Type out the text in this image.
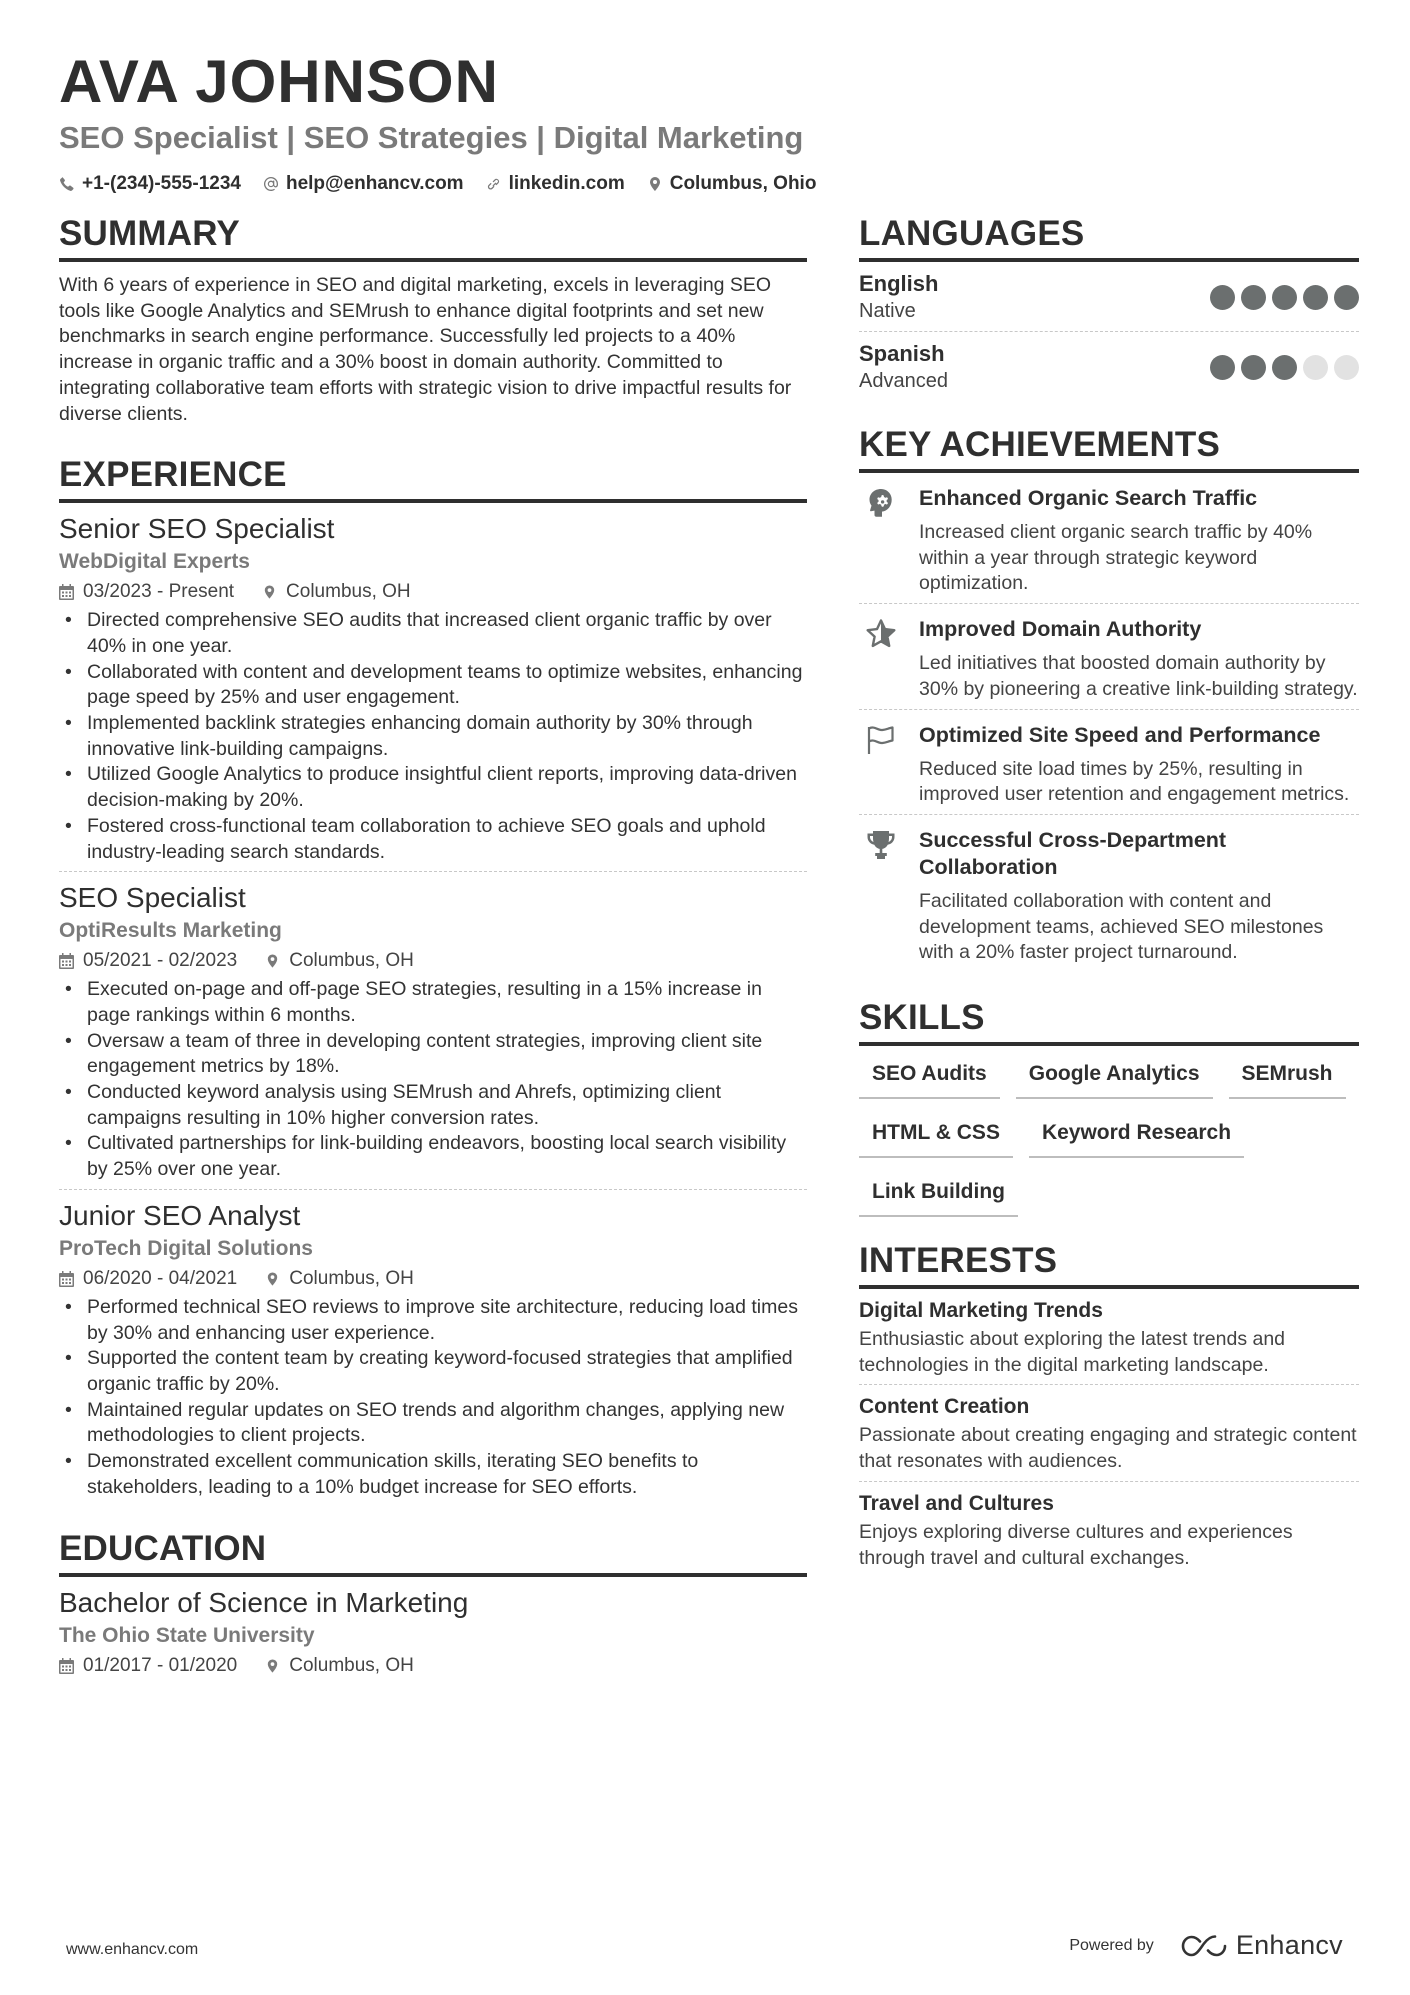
AVA JOHNSON
SEO Specialist | SEO Strategies | Digital Marketing
+1-(234)-555-1234 help@enhancv.com linkedin.com Columbus, Ohio
SUMMARY

With 6 years of experience in SEO and digital marketing, excels in leveraging SEO tools like Google Analytics and SEMrush to enhance digital footprints and set new benchmarks in search engine performance. Successfully led projects to a 40% increase in organic traffic and a 30% boost in domain authority. Committed to integrating collaborative team efforts with strategic vision to drive impactful results for diverse clients.

EXPERIENCE
Senior SEO Specialist
WebDigital Experts
03/2023 - Present	Columbus, OH
• Directed comprehensive SEO audits that increased client organic traffic by over 40% in one year.
• Collaborated with content and development teams to optimize websites, enhancing page speed by 25% and user engagement.
• Implemented backlink strategies enhancing domain authority by 30% through innovative link-building campaigns.
• Utilized Google Analytics to produce insightful client reports, improving data-driven decision-making by 20%.
• Fostered cross-functional team collaboration to achieve SEO goals and uphold industry-leading search standards.
SEO Specialist
OptiResults Marketing
05/2021 - 02/2023	Columbus, OH
• Executed on-page and off-page SEO strategies, resulting in a 15% increase in page rankings within 6 months.
• Oversaw a team of three in developing content strategies, improving client site engagement metrics by 18%.
• Conducted keyword analysis using SEMrush and Ahrefs, optimizing client campaigns resulting in 10% higher conversion rates.
• Cultivated partnerships for link-building endeavors, boosting local search visibility by 25% over one year.
Junior SEO Analyst
ProTech Digital Solutions
06/2020 - 04/2021	Columbus, OH
• Performed technical SEO reviews to improve site architecture, reducing load times by 30% and enhancing user experience.
• Supported the content team by creating keyword-focused strategies that amplified organic traffic by 20%.
• Maintained regular updates on SEO trends and algorithm changes, applying new methodologies to client projects.
• Demonstrated excellent communication skills, iterating SEO benefits to stakeholders, leading to a 10% budget increase for SEO efforts.
EDUCATION
Bachelor of Science in Marketing
The Ohio State University
01/2017 - 01/2020	Columbus, OH
LANGUAGES
English
Native
Spanish
Advanced
KEY ACHIEVEMENTS
Enhanced Organic Search Traffic
Increased client organic search traffic by 40% within a year through strategic keyword optimization.
Improved Domain Authority
Led initiatives that boosted domain authority by 30% by pioneering a creative link-building strategy.
Optimized Site Speed and Performance
Reduced site load times by 25%, resulting in improved user retention and engagement metrics.
Successful Cross-Department Collaboration
Facilitated collaboration with content and development teams, achieved SEO milestones with a 20% faster project turnaround.
SKILLS
SEO Audits	Google Analytics	SEMrush
HTML & CSS	Keyword Research
Link Building
INTERESTS
Digital Marketing Trends
Enthusiastic about exploring the latest trends and technologies in the digital marketing landscape.
Content Creation
Passionate about creating engaging and strategic content that resonates with audiences.
Travel and Cultures
Enjoys exploring diverse cultures and experiences through travel and cultural exchanges.
www.enhancv.com	Powered by	Enhancv
